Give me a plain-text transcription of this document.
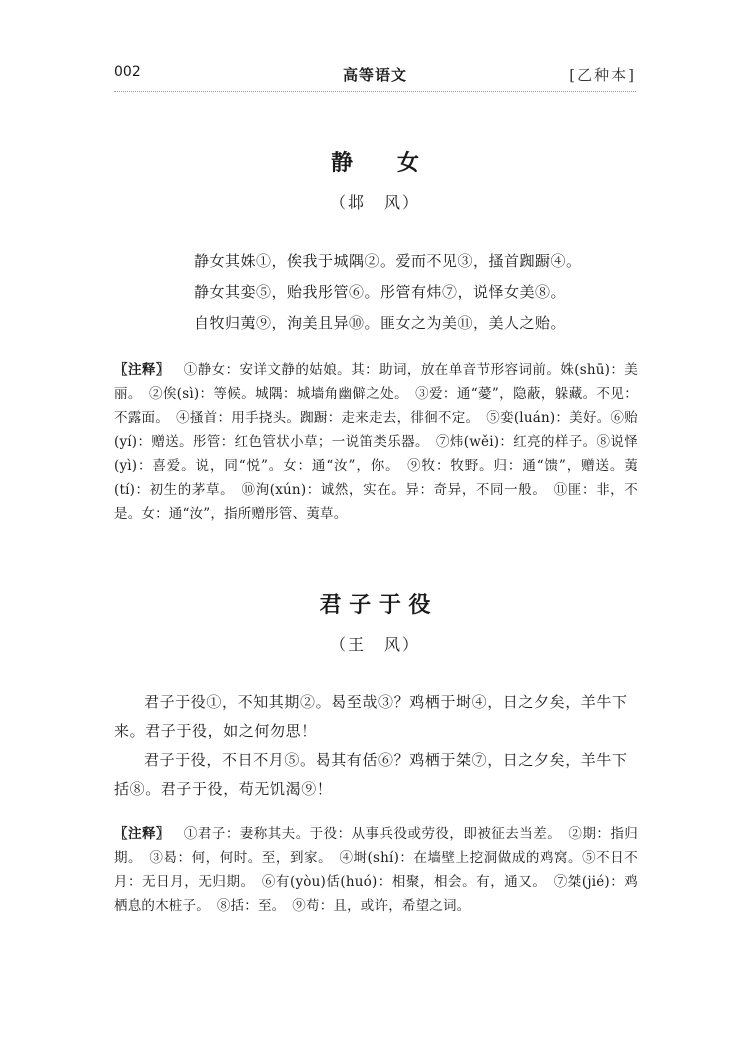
002	高等语文	[乙种本]
静　　女
（邶　风）
静女其姝①，俟我于城隅②。爱而不见③，搔首踟蹰④。
静女其娈⑤，贻我彤管⑥。彤管有炜⑦，说怿女美⑧。
自牧归荑⑨，洵美且异⑩。匪女之为美⑪，美人之贻。
〖注释〗 ①静女：安详文静的姑娘。其：助词，放在单音节形容词前。姝(shū)：美丽。　②俟(sì)：等候。城隅：城墙角幽僻之处。　③爱：通“薆”，隐蔽，躲藏。不见：不露面。　④搔首：用手挠头。踟蹰：走来走去，徘徊不定。　⑤娈(luán)：美好。⑥贻(yí)：赠送。彤管：红色管状小草；一说笛类乐器。　⑦炜(wěi)：红亮的样子。⑧说怿(yì)：喜爱。说，同“悦”。女：通“汝”，你。　⑨牧：牧野。归：通“馈”，赠送。荑(tí)：初生的茅草。　⑩洵(xún)：诚然，实在。异：奇异，不同一般。　⑪匪：非，不是。女：通“汝”，指所赠彤管、荑草。
君 子 于 役
（王　风）
君子于役①，不知其期②。曷至哉③？鸡栖于埘④，日之夕矣，羊牛下来。君子于役，如之何勿思！
君子于役，不日不月⑤。曷其有佸⑥？鸡栖于桀⑦，日之夕矣，羊牛下括⑧。君子于役，苟无饥渴⑨！
〖注释〗 ①君子：妻称其夫。于役：从事兵役或劳役，即被征去当差。　②期：指归期。　③曷：何，何时。至，到家。　④埘(shí)：在墙壁上挖洞做成的鸡窝。⑤不日不月：无日月，无归期。　⑥有(yòu)佸(huó)：相聚，相会。有，通又。　⑦桀(jié)：鸡栖息的木桩子。　⑧括：至。　⑨苟：且，或许，希望之词。
